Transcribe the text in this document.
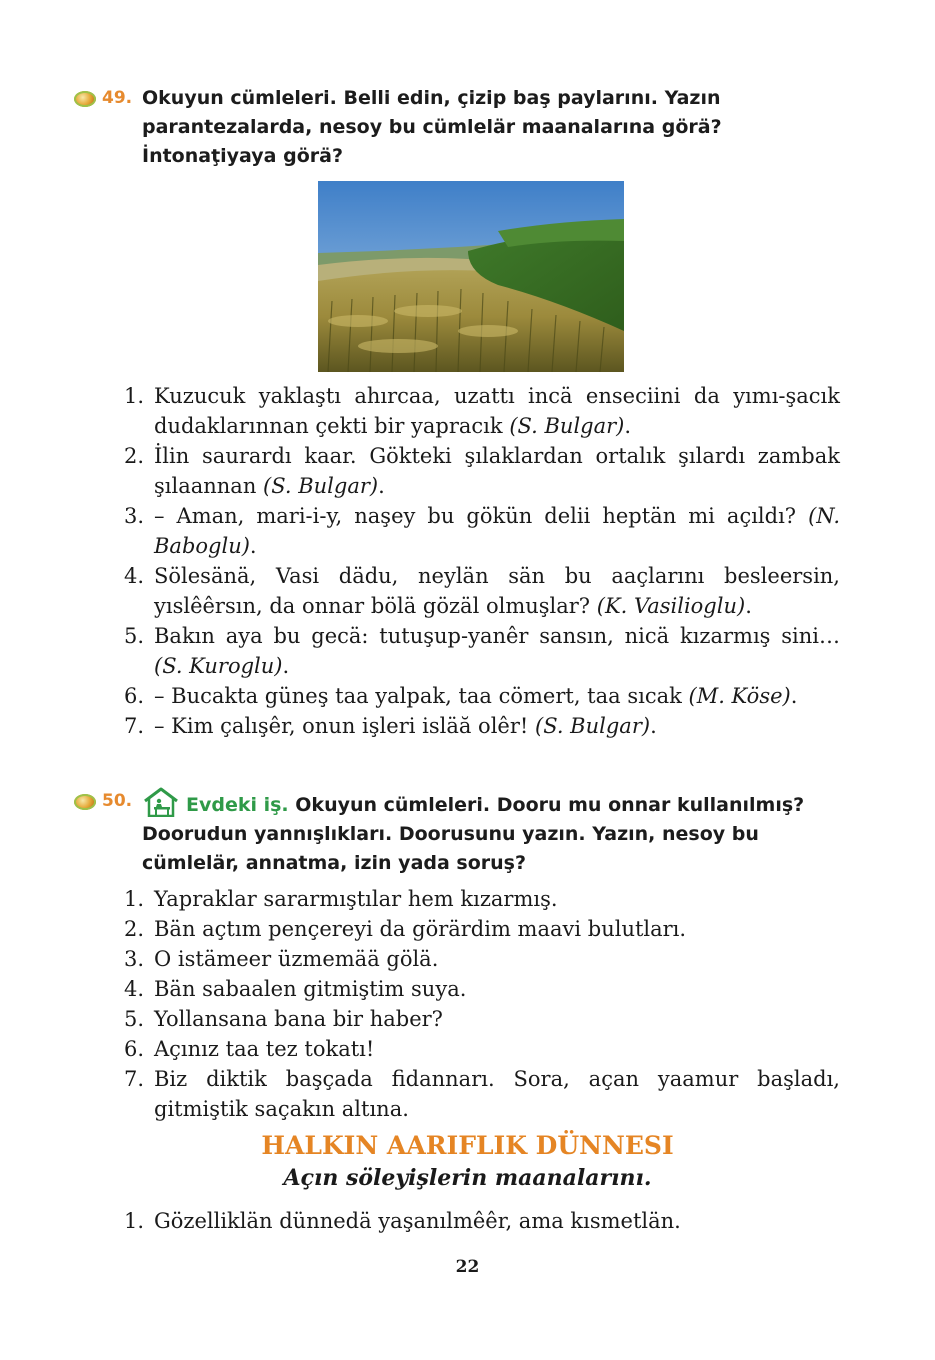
49. Okuyun cümleleri. Belli edin, çizip baş paylarını. Yazın parantezalarda, nesoy bu cümlelär maanalarına görä? İntonaţiyaya görä?

1. Kuzucuk yaklaştı ahırcaa, uzattı incä enseciini da yımı-şacık dudaklarınnan çekti bir yapracık (S. Bulgar).
2. İlin saurardı kaar. Gökteki şılaklardan ortalık şılardı zambak şılaannan (S. Bulgar).
3. – Aman, mari-i-y, naşey bu gökün delii heptän mi açıldı? (N. Baboglu).
4. Sölesänä, Vasi dädu, neylän sän bu aaçlarını besleersin, yıslêêrsın, da onnar bölä gözäl olmuşlar? (K. Vasilioglu).
5. Bakın aya bu gecä: tutuşup-yanêr sansın, nicä kızarmış sini… (S. Kuroglu).
6. – Bucakta güneş taa yalpak, taa cömert, taa sıcak (M. Köse).
7. – Kim çalışêr, onun işleri isläă olêr! (S. Bulgar).
50.	Evdeki iş. Okuyun cümleleri. Dooru mu onnar kullanılmış? Doorudun yannışlıkları. Doorusunu yazın. Yazın, nesoy bu cümlelär, annatma, izin yada soruş?

1. Yapraklar sararmıştılar hem kızarmış.
2. Bän açtım pençereyi da görärdim maavi bulutları.
3. O istämeer üzmemää gölä.
4. Bän sabaalen gitmiştim suya.
5. Yollansana bana bir haber?
6. Açınız taa tez tokatı!
7. Biz diktik başçada fidannarı. Sora, açan yaamur başladı, gitmiştik saçakın altına.
HALKIN AARIFLIK DÜNNESI
Açın söleyişlerin maanalarını.
1. Gözelliklän dünnedä yaşanılmêêr, ama kısmetlän.
22
